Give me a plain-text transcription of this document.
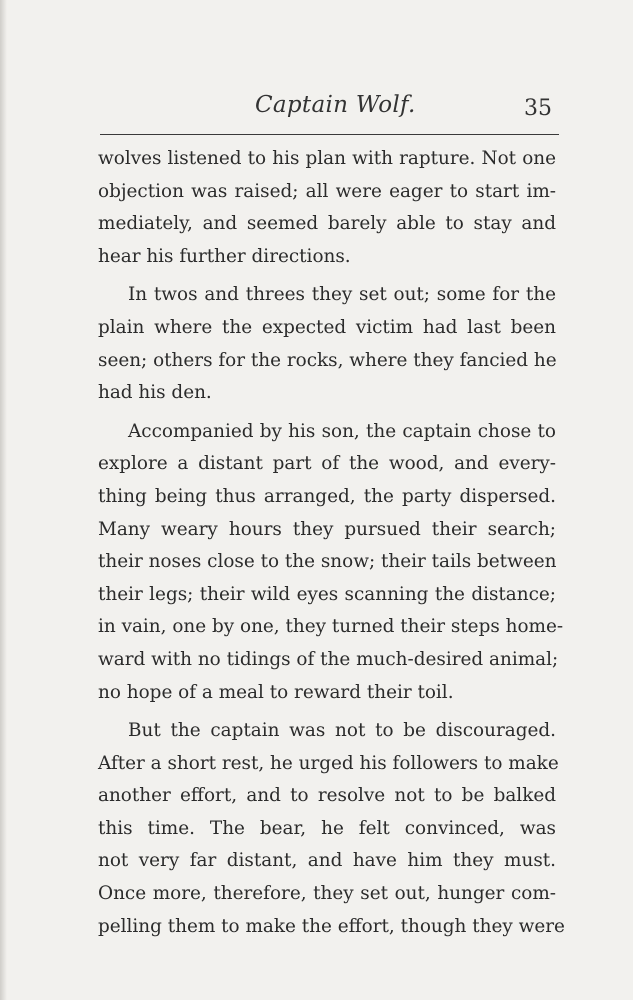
Captain Wolf.	35
wolves listened to his plan with rapture. Not one
objection was raised; all were eager to start im-
mediately, and seemed barely able to stay and
hear his further directions.
In twos and threes they set out; some for the
plain where the expected victim had last been
seen; others for the rocks, where they fancied he
had his den.
Accompanied by his son, the captain chose to
explore a distant part of the wood, and every-
thing being thus arranged, the party dispersed.
Many weary hours they pursued their search;
their noses close to the snow; their tails between
their legs; their wild eyes scanning the distance;
in vain, one by one, they turned their steps home-
ward with no tidings of the much-desired animal;
no hope of a meal to reward their toil.
But the captain was not to be discouraged.
After a short rest, he urged his followers to make
another effort, and to resolve not to be balked
this time. The bear, he felt convinced, was
not very far distant, and have him they must.
Once more, therefore, they set out, hunger com-
pelling them to make the effort, though they were
